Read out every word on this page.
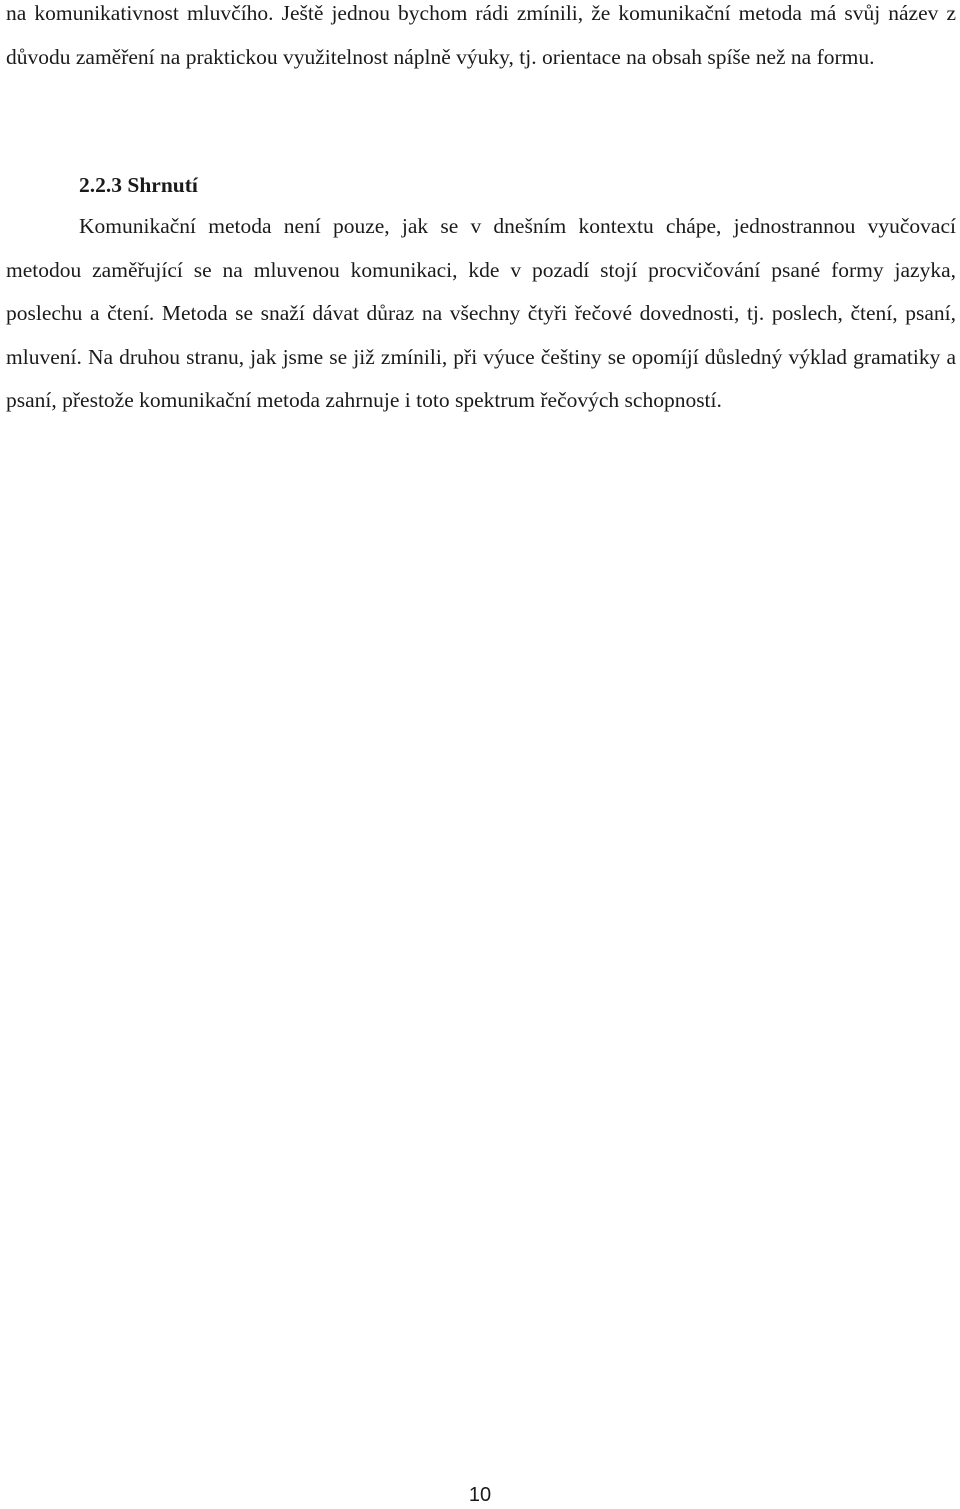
na komunikativnost mluvčího. Ještě jednou bychom rádi zmínili, že komunikační metoda má svůj název z důvodu zaměření na praktickou využitelnost náplně výuky, tj. orientace na obsah spíše než na formu.

2.2.3 Shrnutí

Komunikační metoda není pouze, jak se v dnešním kontextu chápe, jednostrannou vyučovací metodou zaměřující se na mluvenou komunikaci, kde v pozadí stojí procvičování psané formy jazyka, poslechu a čtení. Metoda se snaží dávat důraz na všechny čtyři řečové dovednosti, tj. poslech, čtení, psaní, mluvení. Na druhou stranu, jak jsme se již zmínili, při výuce češtiny se opomíjí důsledný výklad gramatiky a psaní, přestože komunikační metoda zahrnuje i toto spektrum řečových schopností.

10
